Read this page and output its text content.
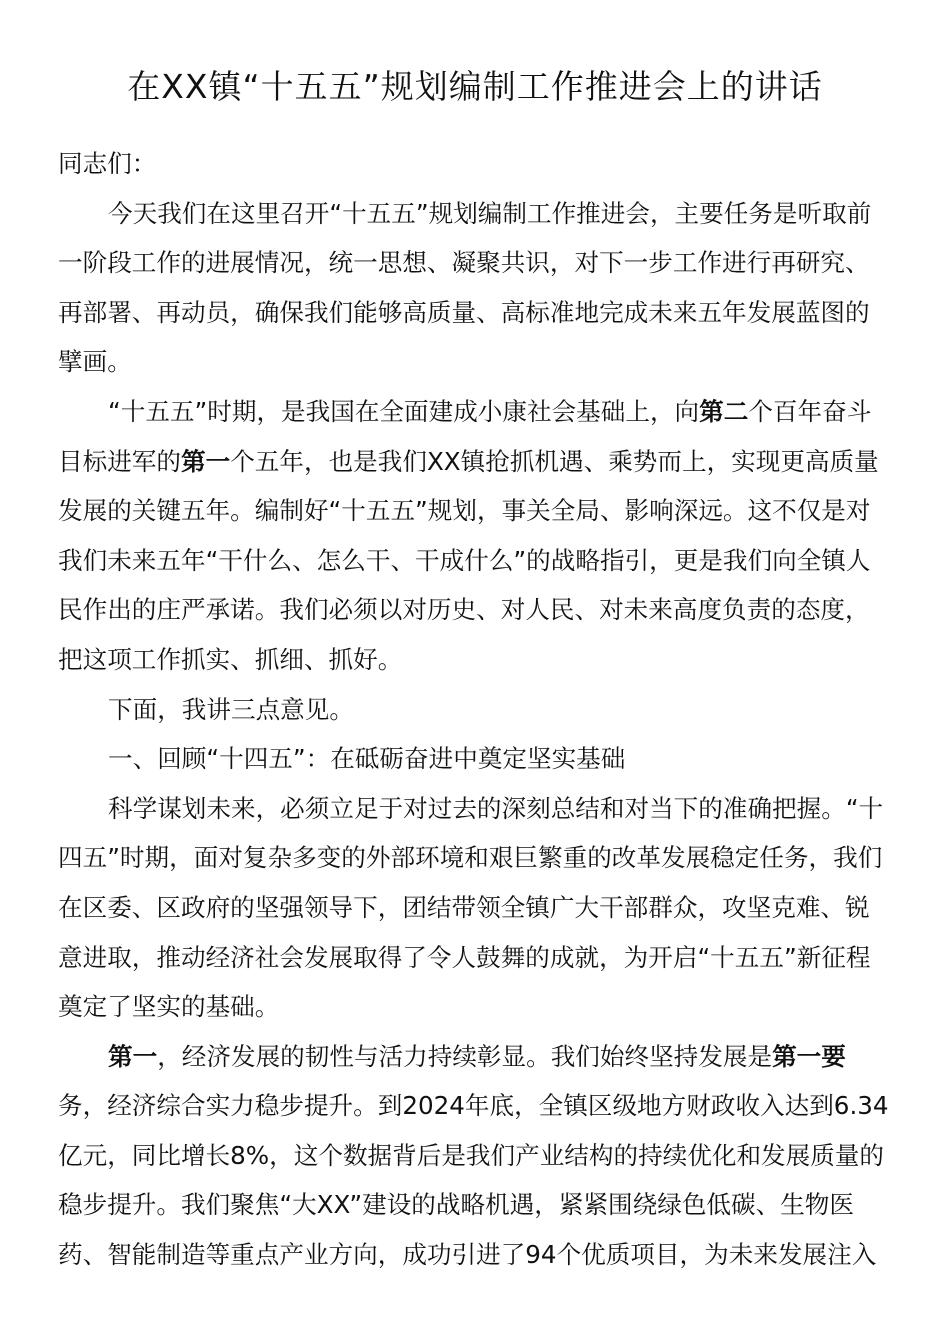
在XX镇“十五五”规划编制工作推进会上的讲话

同志们：

今天我们在这里召开“十五五”规划编制工作推进会，主要任务是听取前一阶段工作的进展情况，统一思想、凝聚共识，对下一步工作进行再研究、再部署、再动员，确保我们能够高质量、高标准地完成未来五年发展蓝图的擘画。

“十五五”时期，是我国在全面建成小康社会基础上，向第二个百年奋斗目标进军的第一个五年，也是我们XX镇抢抓机遇、乘势而上，实现更高质量发展的关键五年。编制好“十五五”规划，事关全局、影响深远。这不仅是对我们未来五年“干什么、怎么干、干成什么”的战略指引，更是我们向全镇人民作出的庄严承诺。我们必须以对历史、对人民、对未来高度负责的态度，把这项工作抓实、抓细、抓好。

下面，我讲三点意见。

一、回顾“十四五”：在砥砺奋进中奠定坚实基础

科学谋划未来，必须立足于对过去的深刻总结和对当下的准确把握。“十四五”时期，面对复杂多变的外部环境和艰巨繁重的改革发展稳定任务，我们在区委、区政府的坚强领导下，团结带领全镇广大干部群众，攻坚克难、锐意进取，推动经济社会发展取得了令人鼓舞的成就，为开启“十五五”新征程奠定了坚实的基础。

第一，经济发展的韧性与活力持续彰显。我们始终坚持发展是第一要务，经济综合实力稳步提升。到2024年底，全镇区级地方财政收入达到6.34亿元，同比增长8%，这个数据背后是我们产业结构的持续优化和发展质量的稳步提升。我们聚焦“大XX”建设的战略机遇，紧紧围绕绿色低碳、生物医药、智能制造等重点产业方向，成功引进了94个优质项目，为未来发展注入
